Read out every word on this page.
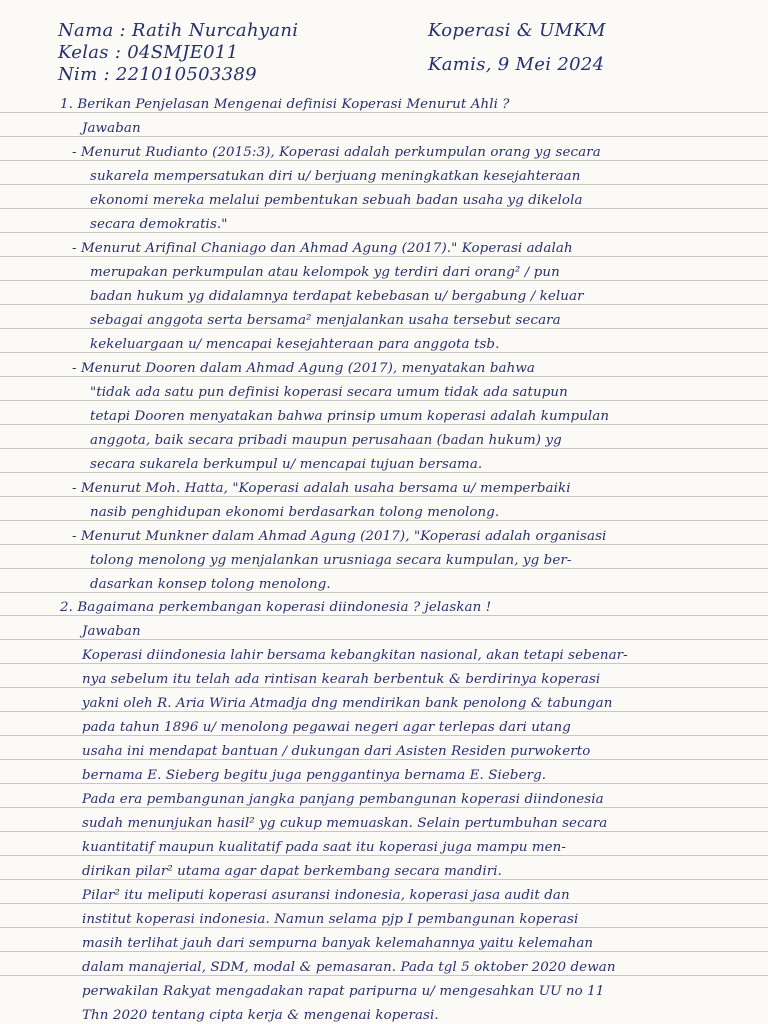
Nama : Ratih Nurcahyani
Kelas : 04SMJE011
Nim : 221010503389
Koperasi & UMKM
Kamis, 9 Mei 2024
1. Berikan Penjelasan Mengenai definisi Koperasi Menurut Ahli ?
Jawaban
- Menurut Rudianto (2015:3), Koperasi adalah perkumpulan orang yg secara
sukarela mempersatukan diri u/ berjuang meningkatkan kesejahteraan
ekonomi mereka melalui pembentukan sebuah badan usaha yg dikelola
secara demokratis."
- Menurut Arifinal Chaniago dan Ahmad Agung (2017)." Koperasi adalah
merupakan perkumpulan atau kelompok yg terdiri dari orang² / pun
badan hukum yg didalamnya terdapat kebebasan u/ bergabung / keluar
sebagai anggota serta bersama² menjalankan usaha tersebut secara
kekeluargaan u/ mencapai kesejahteraan para anggota tsb.
- Menurut Dooren dalam Ahmad Agung (2017), menyatakan bahwa
"tidak ada satu pun definisi koperasi secara umum tidak ada satupun
tetapi Dooren menyatakan bahwa prinsip umum koperasi adalah kumpulan
anggota, baik secara pribadi maupun perusahaan (badan hukum) yg
secara sukarela berkumpul u/ mencapai tujuan bersama.
- Menurut Moh. Hatta, "Koperasi adalah usaha bersama u/ memperbaiki
nasib penghidupan ekonomi berdasarkan tolong menolong.
- Menurut Munkner dalam Ahmad Agung (2017), "Koperasi adalah organisasi
tolong menolong yg menjalankan urusniaga secara kumpulan, yg ber-
dasarkan konsep tolong menolong.
2. Bagaimana perkembangan koperasi diindonesia ? jelaskan !
Jawaban
Koperasi diindonesia lahir bersama kebangkitan nasional, akan tetapi sebenar-
nya sebelum itu telah ada rintisan kearah berbentuk & berdirinya koperasi
yakni oleh R. Aria Wiria Atmadja dng mendirikan bank penolong & tabungan
pada tahun 1896 u/ menolong pegawai negeri agar terlepas dari utang
usaha ini mendapat bantuan / dukungan dari Asisten Residen purwokerto
bernama E. Sieberg begitu juga penggantinya bernama E. Sieberg.
Pada era pembangunan jangka panjang pembangunan koperasi diindonesia
sudah menunjukan hasil² yg cukup memuaskan. Selain pertumbuhan secara
kuantitatif maupun kualitatif pada saat itu koperasi juga mampu men-
dirikan pilar² utama agar dapat berkembang secara mandiri.
Pilar² itu meliputi koperasi asuransi indonesia, koperasi jasa audit dan
institut koperasi indonesia. Namun selama pjp I pembangunan koperasi
masih terlihat jauh dari sempurna banyak kelemahannya yaitu kelemahan
dalam manajerial, SDM, modal & pemasaran. Pada tgl 5 oktober 2020 dewan
perwakilan Rakyat mengadakan rapat paripurna u/ mengesahkan UU no 11
Thn 2020 tentang cipta kerja & mengenai koperasi.
